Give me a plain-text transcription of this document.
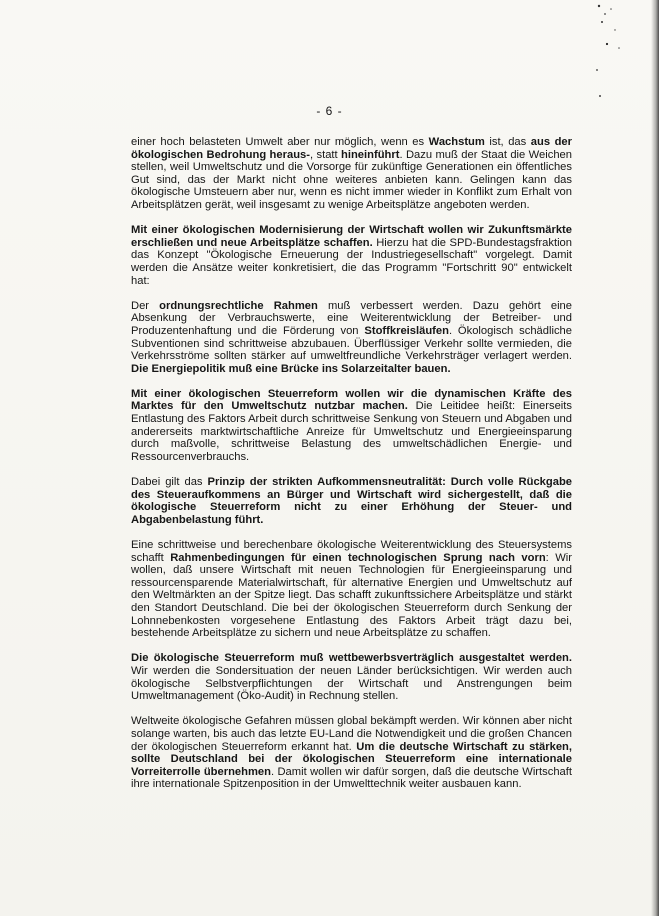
- 6 -

einer hoch belasteten Umwelt aber nur möglich, wenn es Wachstum ist, das aus der ökologischen Bedrohung heraus-, statt hineinführt. Dazu muß der Staat die Weichen stellen, weil Umweltschutz und die Vorsorge für zukünftige Generationen ein öffentliches Gut sind, das der Markt nicht ohne weiteres anbieten kann. Gelingen kann das ökologische Umsteuern aber nur, wenn es nicht immer wieder in Konflikt zum Erhalt von Arbeitsplätzen gerät, weil insgesamt zu wenige Arbeitsplätze angeboten werden.

Mit einer ökologischen Modernisierung der Wirtschaft wollen wir Zukunftsmärkte erschließen und neue Arbeitsplätze schaffen. Hierzu hat die SPD-Bundestagsfraktion das Konzept "Ökologische Erneuerung der Industriegesellschaft" vorgelegt. Damit werden die Ansätze weiter konkretisiert, die das Programm "Fortschritt 90" entwickelt hat:

Der ordnungsrechtliche Rahmen muß verbessert werden. Dazu gehört eine Absenkung der Verbrauchswerte, eine Weiterentwicklung der Betreiber- und Produzentenhaftung und die Förderung von Stoffkreisläufen. Ökologisch schädliche Subventionen sind schrittweise abzubauen. Überflüssiger Verkehr sollte vermieden, die Verkehrsströme sollten stärker auf umweltfreundliche Verkehrsträger verlagert werden. Die Energiepolitik muß eine Brücke ins Solarzeitalter bauen.

Mit einer ökologischen Steuerreform wollen wir die dynamischen Kräfte des Marktes für den Umweltschutz nutzbar machen. Die Leitidee heißt: Einerseits Entlastung des Faktors Arbeit durch schrittweise Senkung von Steuern und Abgaben und andererseits marktwirtschaftliche Anreize für Umweltschutz und Energieeinsparung durch maßvolle, schrittweise Belastung des umweltschädlichen Energie- und Ressourcenverbrauchs.

Dabei gilt das Prinzip der strikten Aufkommensneutralität: Durch volle Rückgabe des Steueraufkommens an Bürger und Wirtschaft wird sichergestellt, daß die ökologische Steuerreform nicht zu einer Erhöhung der Steuer- und Abgabenbelastung führt.

Eine schrittweise und berechenbare ökologische Weiterentwicklung des Steuersystems schafft Rahmenbedingungen für einen technologischen Sprung nach vorn: Wir wollen, daß unsere Wirtschaft mit neuen Technologien für Energieeinsparung und ressourcensparende Materialwirtschaft, für alternative Energien und Umweltschutz auf den Weltmärkten an der Spitze liegt. Das schafft zukunftssichere Arbeitsplätze und stärkt den Standort Deutschland. Die bei der ökologischen Steuerreform durch Senkung der Lohnnebenkosten vorgesehene Entlastung des Faktors Arbeit trägt dazu bei, bestehende Arbeitsplätze zu sichern und neue Arbeitsplätze zu schaffen.

Die ökologische Steuerreform muß wettbewerbsverträglich ausgestaltet werden. Wir werden die Sondersituation der neuen Länder berücksichtigen. Wir werden auch ökologische Selbstverpflichtungen der Wirtschaft und Anstrengungen beim Umweltmanagement (Öko-Audit) in Rechnung stellen.

Weltweite ökologische Gefahren müssen global bekämpft werden. Wir können aber nicht solange warten, bis auch das letzte EU-Land die Notwendigkeit und die großen Chancen der ökologischen Steuerreform erkannt hat. Um die deutsche Wirtschaft zu stärken, sollte Deutschland bei der ökologischen Steuerreform eine internationale Vorreiterrolle übernehmen. Damit wollen wir dafür sorgen, daß die deutsche Wirtschaft ihre internationale Spitzenposition in der Umwelttechnik weiter ausbauen kann.
